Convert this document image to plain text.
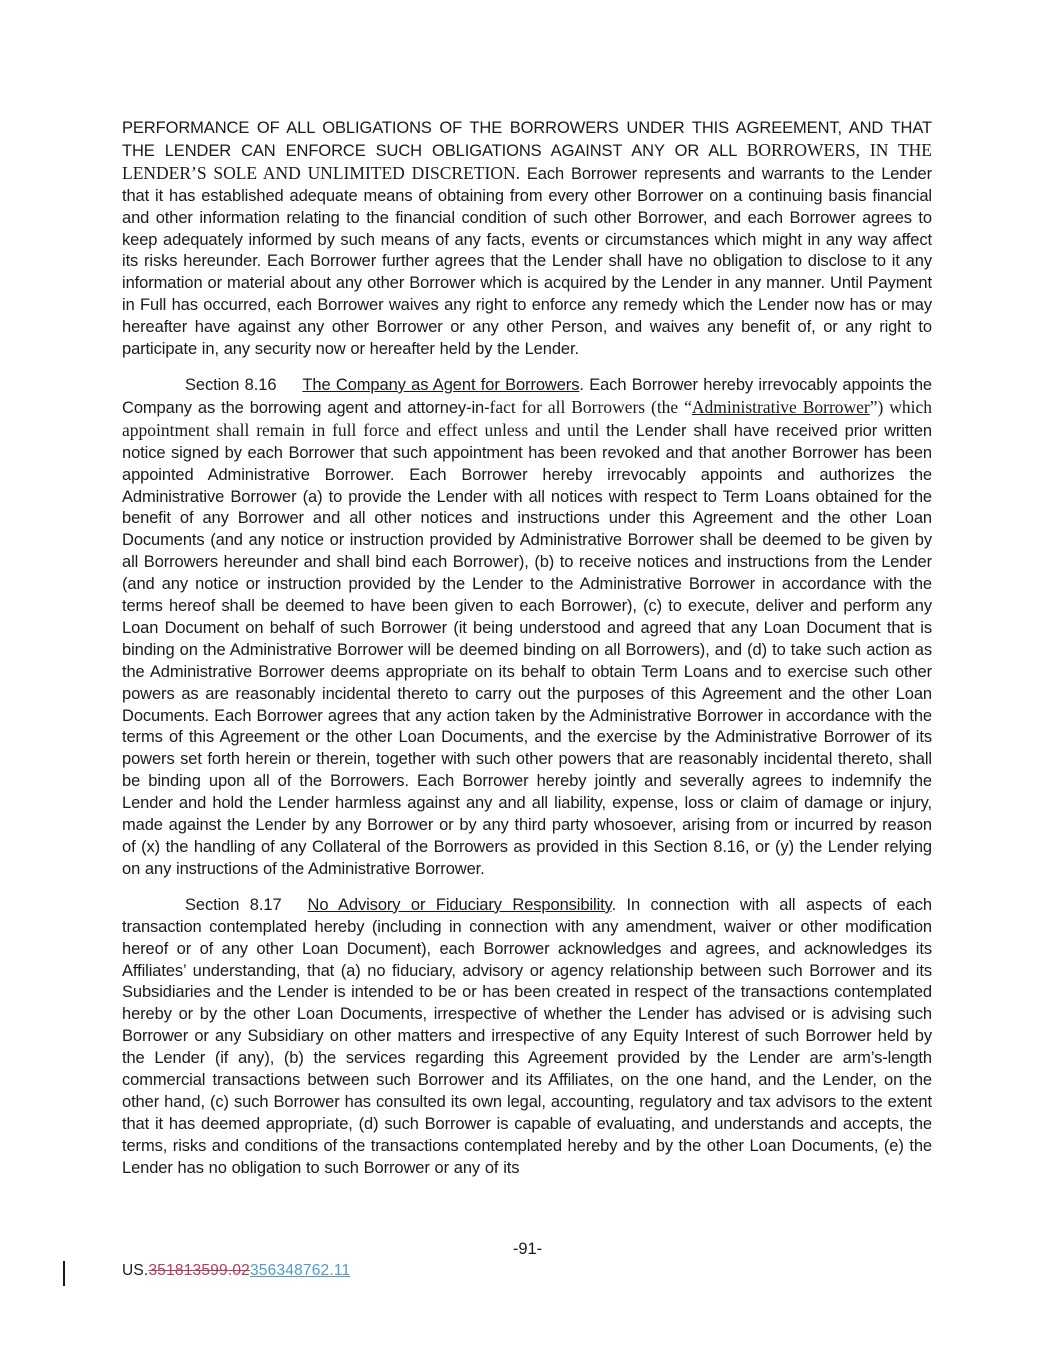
PERFORMANCE OF ALL OBLIGATIONS OF THE BORROWERS UNDER THIS AGREEMENT, AND THAT THE LENDER CAN ENFORCE SUCH OBLIGATIONS AGAINST ANY OR ALL BORROWERS, IN THE LENDER’S SOLE AND UNLIMITED DISCRETION. Each Borrower represents and warrants to the Lender that it has established adequate means of obtaining from every other Borrower on a continuing basis financial and other information relating to the financial condition of such other Borrower, and each Borrower agrees to keep adequately informed by such means of any facts, events or circumstances which might in any way affect its risks hereunder. Each Borrower further agrees that the Lender shall have no obligation to disclose to it any information or material about any other Borrower which is acquired by the Lender in any manner. Until Payment in Full has occurred, each Borrower waives any right to enforce any remedy which the Lender now has or may hereafter have against any other Borrower or any other Person, and waives any benefit of, or any right to participate in, any security now or hereafter held by the Lender.

Section 8.16 The Company as Agent for Borrowers. Each Borrower hereby irrevocably appoints the Company as the borrowing agent and attorney-in-fact for all Borrowers (the “Administrative Borrower”) which appointment shall remain in full force and effect unless and until the Lender shall have received prior written notice signed by each Borrower that such appointment has been revoked and that another Borrower has been appointed Administrative Borrower. Each Borrower hereby irrevocably appoints and authorizes the Administrative Borrower (a) to provide the Lender with all notices with respect to Term Loans obtained for the benefit of any Borrower and all other notices and instructions under this Agreement and the other Loan Documents (and any notice or instruction provided by Administrative Borrower shall be deemed to be given by all Borrowers hereunder and shall bind each Borrower), (b) to receive notices and instructions from the Lender (and any notice or instruction provided by the Lender to the Administrative Borrower in accordance with the terms hereof shall be deemed to have been given to each Borrower), (c) to execute, deliver and perform any Loan Document on behalf of such Borrower (it being understood and agreed that any Loan Document that is binding on the Administrative Borrower will be deemed binding on all Borrowers), and (d) to take such action as the Administrative Borrower deems appropriate on its behalf to obtain Term Loans and to exercise such other powers as are reasonably incidental thereto to carry out the purposes of this Agreement and the other Loan Documents. Each Borrower agrees that any action taken by the Administrative Borrower in accordance with the terms of this Agreement or the other Loan Documents, and the exercise by the Administrative Borrower of its powers set forth herein or therein, together with such other powers that are reasonably incidental thereto, shall be binding upon all of the Borrowers. Each Borrower hereby jointly and severally agrees to indemnify the Lender and hold the Lender harmless against any and all liability, expense, loss or claim of damage or injury, made against the Lender by any Borrower or by any third party whosoever, arising from or incurred by reason of (x) the handling of any Collateral of the Borrowers as provided in this Section 8.16, or (y) the Lender relying on any instructions of the Administrative Borrower.

Section 8.17 No Advisory or Fiduciary Responsibility. In connection with all aspects of each transaction contemplated hereby (including in connection with any amendment, waiver or other modification hereof or of any other Loan Document), each Borrower acknowledges and agrees, and acknowledges its Affiliates’ understanding, that (a) no fiduciary, advisory or agency relationship between such Borrower and its Subsidiaries and the Lender is intended to be or has been created in respect of the transactions contemplated hereby or by the other Loan Documents, irrespective of whether the Lender has advised or is advising such Borrower or any Subsidiary on other matters and irrespective of any Equity Interest of such Borrower held by the Lender (if any), (b) the services regarding this Agreement provided by the Lender are arm’s-length commercial transactions between such Borrower and its Affiliates, on the one hand, and the Lender, on the other hand, (c) such Borrower has consulted its own legal, accounting, regulatory and tax advisors to the extent that it has deemed appropriate, (d) such Borrower is capable of evaluating, and understands and accepts, the terms, risks and conditions of the transactions contemplated hereby and by the other Loan Documents, (e) the Lender has no obligation to such Borrower or any of its

-91-
US.351813599.02356348762.11
